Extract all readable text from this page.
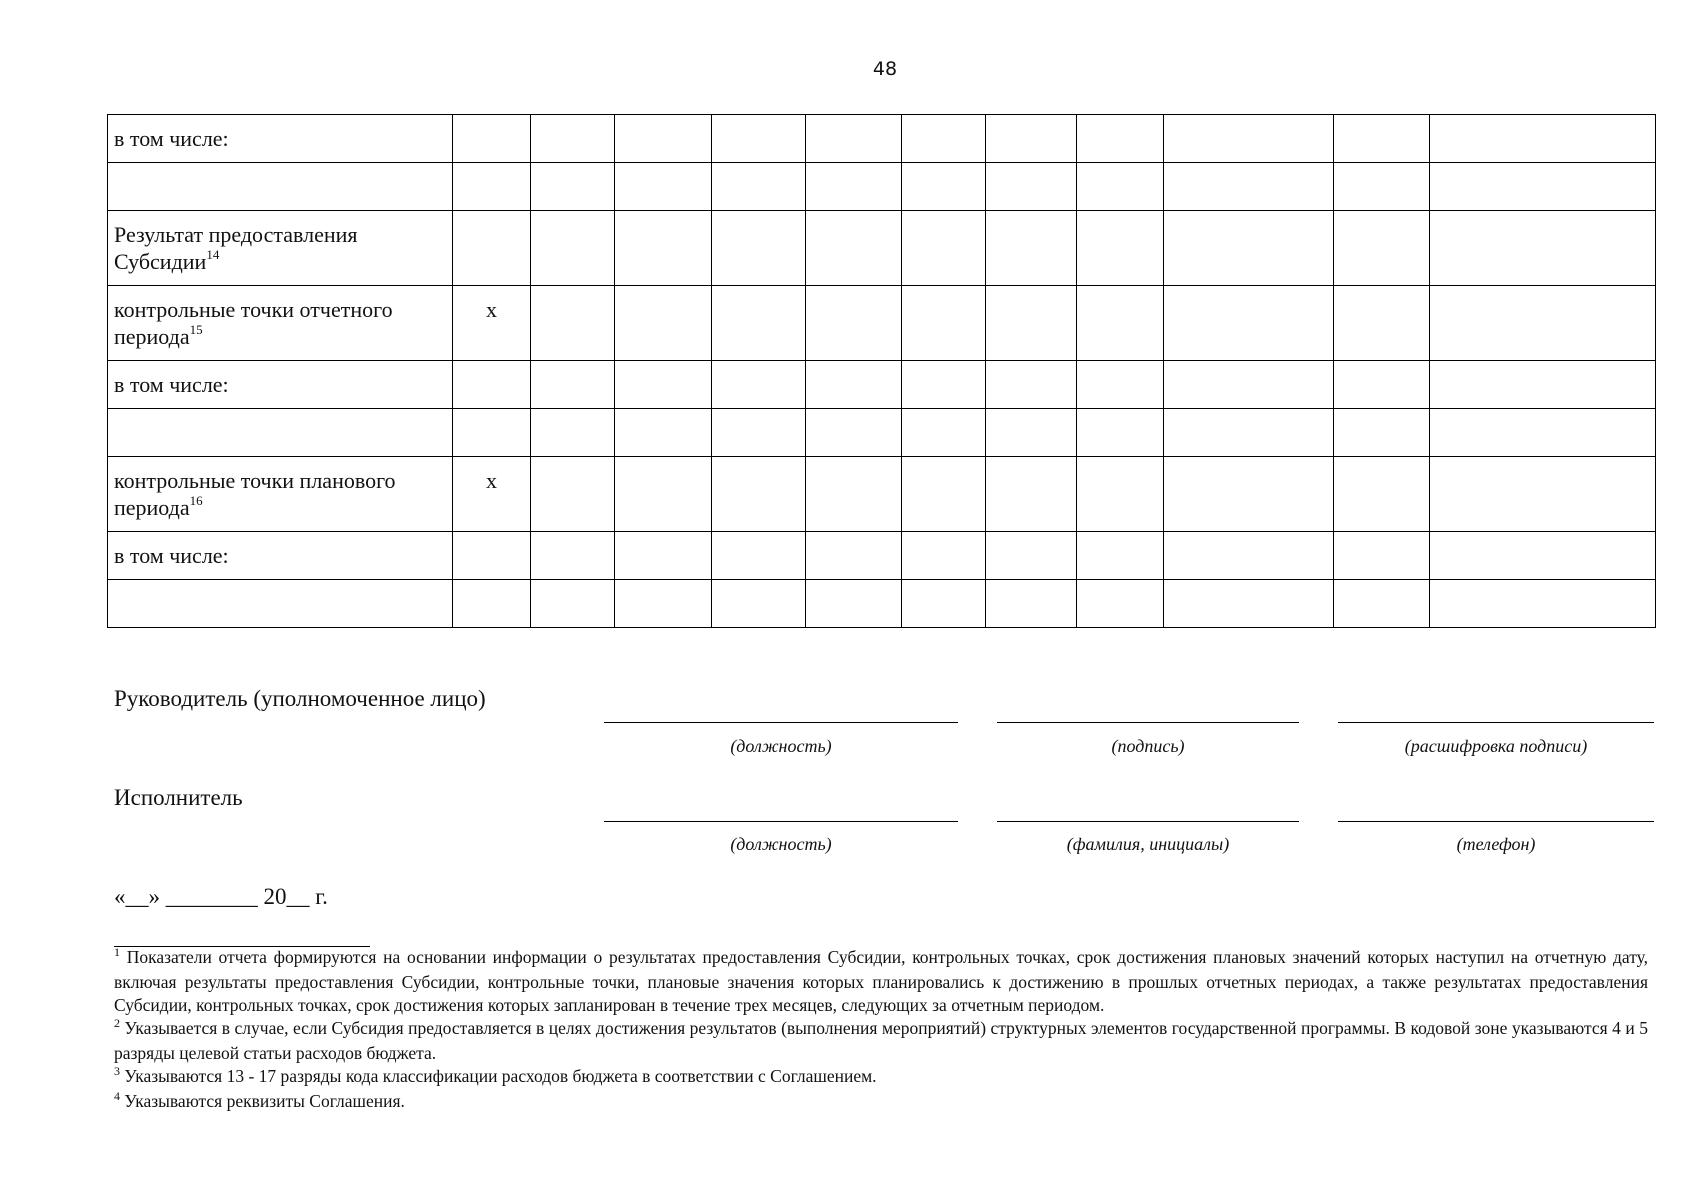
48
в том числе:											

Результат предоставления Субсидии$^{14}$											
контрольные точки отчетного периода$^{15}$	x										
в том числе:											

контрольные точки планового периода$^{16}$	x										
в том числе:											

Руководитель (уполномоченное лицо)
(должность)	(подпись)	(расшифровка подписи)
Исполнитель
(должность)	(фамилия, инициалы)	(телефон)
«__» ________ 20__ г.

$^1$ Показатели отчета формируются на основании информации о результатах предоставления Субсидии, контрольных точках, срок достижения плановых значений которых наступил на отчетную дату, включая результаты предоставления Субсидии, контрольные точки, плановые значения которых планировались к достижению в прошлых отчетных периодах, а также результатах предоставления Субсидии, контрольных точках, срок достижения которых запланирован в течение трех месяцев, следующих за отчетным периодом.

$^2$ Указывается в случае, если Субсидия предоставляется в целях достижения результатов (выполнения мероприятий) структурных элементов государственной программы. В кодовой зоне указываются 4 и 5 разряды целевой статьи расходов бюджета.

$^3$ Указываются 13 - 17 разряды кода классификации расходов бюджета в соответствии с Соглашением.

$^4$ Указываются реквизиты Соглашения.
